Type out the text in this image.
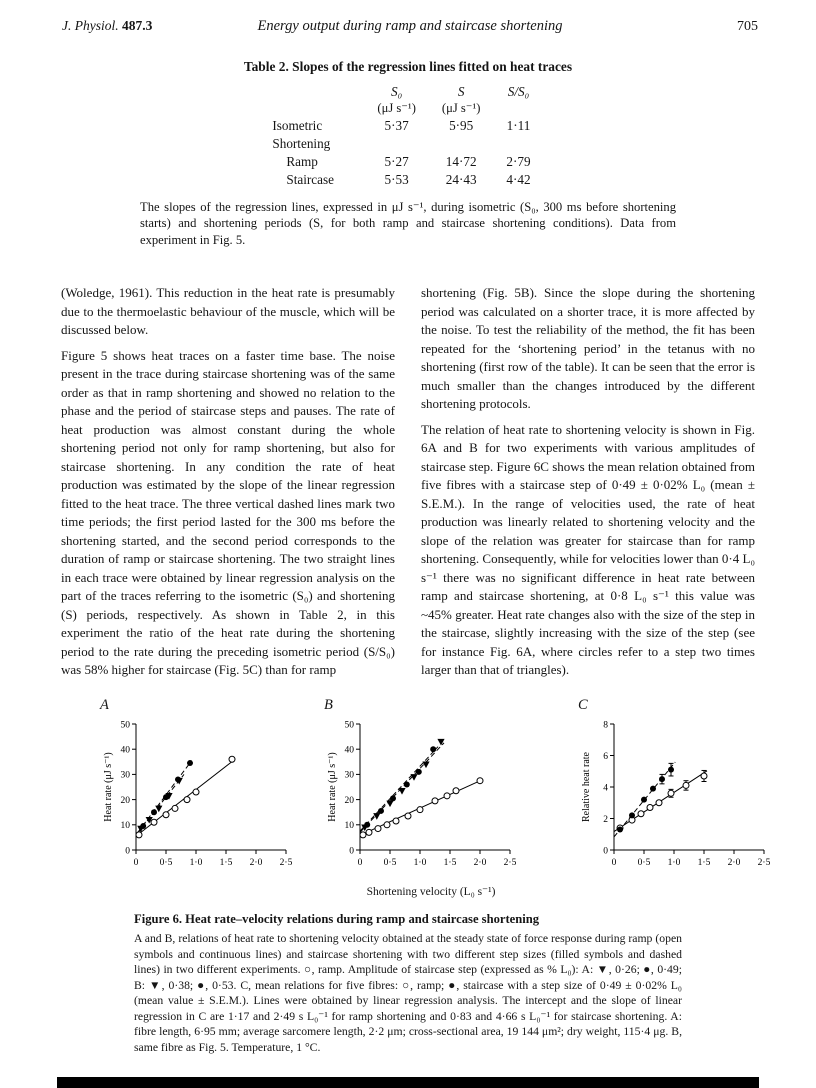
J. Physiol. 487.3	Energy output during ramp and staircase shortening	705
Table 2. Slopes of the regression lines fitted on heat traces
	S₀	S	S/S₀
	(μJ s⁻¹)	(μJ s⁻¹)	
Isometric	5·37	5·95	1·11
Shortening			
Ramp	5·27	14·72	2·79
Staircase	5·53	24·43	4·42

The slopes of the regression lines, expressed in μJ s⁻¹, during isometric (S₀, 300 ms before shortening starts) and shortening periods (S, for both ramp and staircase shortening conditions). Data from experiment in Fig. 5.

(Woledge, 1961). This reduction in the heat rate is presumably due to the thermoelastic behaviour of the muscle, which will be discussed below.

Figure 5 shows heat traces on a faster time base. The noise present in the trace during staircase shortening was of the same order as that in ramp shortening and showed no relation to the phase and the period of staircase steps and pauses. The rate of heat production was almost constant during the whole shortening period not only for ramp shortening, but also for staircase shortening. In any condition the rate of heat production was estimated by the slope of the linear regression fitted to the heat trace. The three vertical dashed lines mark two time periods; the first period lasted for the 300 ms before the shortening started, and the second period corresponds to the duration of ramp or staircase shortening. The two straight lines in each trace were obtained by linear regression analysis on the part of the traces referring to the isometric (S₀) and shortening (S) periods, respectively. As shown in Table 2, in this experiment the ratio of the heat rate during the shortening period to the rate during the preceding isometric period (S/S₀) was 58% higher for staircase (Fig. 5C) than for ramp

shortening (Fig. 5B). Since the slope during the shortening period was calculated on a shorter trace, it is more affected by the noise. To test the reliability of the method, the fit has been repeated for the ‘shortening period’ in the tetanus with no shortening (first row of the table). It can be seen that the error is much smaller than the changes introduced by the different shortening protocols.

The relation of heat rate to shortening velocity is shown in Fig. 6A and B for two experiments with various amplitudes of staircase step. Figure 6C shows the mean relation obtained from five fibres with a staircase step of 0·49 ± 0·02% L₀ (mean ± S.E.M.). In the range of velocities used, the rate of heat production was linearly related to shortening velocity and the slope of the relation was greater for staircase than for ramp shortening. Consequently, while for velocities lower than 0·4 L₀ s⁻¹ there was no significant difference in heat rate between ramp and staircase shortening, at 0·8 L₀ s⁻¹ this value was ~45% greater. Heat rate changes also with the size of the step in the staircase, slightly increasing with the size of the step (see for instance Fig. 6A, where circles refer to a step two times larger than that of triangles).

A
0 0·5 1·0 1·5 2·0 2·5
0
10
20
30
40
50
Heat rate (μJ s⁻¹)
B
0 0·5 1·0 1·5 2·0 2·5
0
10
20
30
40
50
Heat rate (μJ s⁻¹)
C
0 0·5 1·0 1·5 2·0 2·5
0
2
4
6
8
Relative heat rate
Shortening velocity (L₀ s⁻¹)

Figure 6. Heat rate–velocity relations during ramp and staircase shortening

A and B, relations of heat rate to shortening velocity obtained at the steady state of force response during ramp (open symbols and continuous lines) and staircase shortening with two different step sizes (filled symbols and dashed lines) in two different experiments. ○, ramp. Amplitude of staircase step (expressed as % L₀): A: ▼, 0·26; ●, 0·49; B: ▼, 0·38; ●, 0·53. C, mean relations for five fibres: ○, ramp; ●, staircase with a step size of 0·49 ± 0·02% L₀ (mean value ± S.E.M.). Lines were obtained by linear regression analysis. The intercept and the slope of linear regression in C are 1·17 and 2·49 s L₀⁻¹ for ramp shortening and 0·83 and 4·66 s L₀⁻¹ for staircase shortening. A: fibre length, 6·95 mm; average sarcomere length, 2·2 μm; cross-sectional area, 19 144 μm²; dry weight, 115·4 μg. B, same fibre as Fig. 5. Temperature, 1 °C.
